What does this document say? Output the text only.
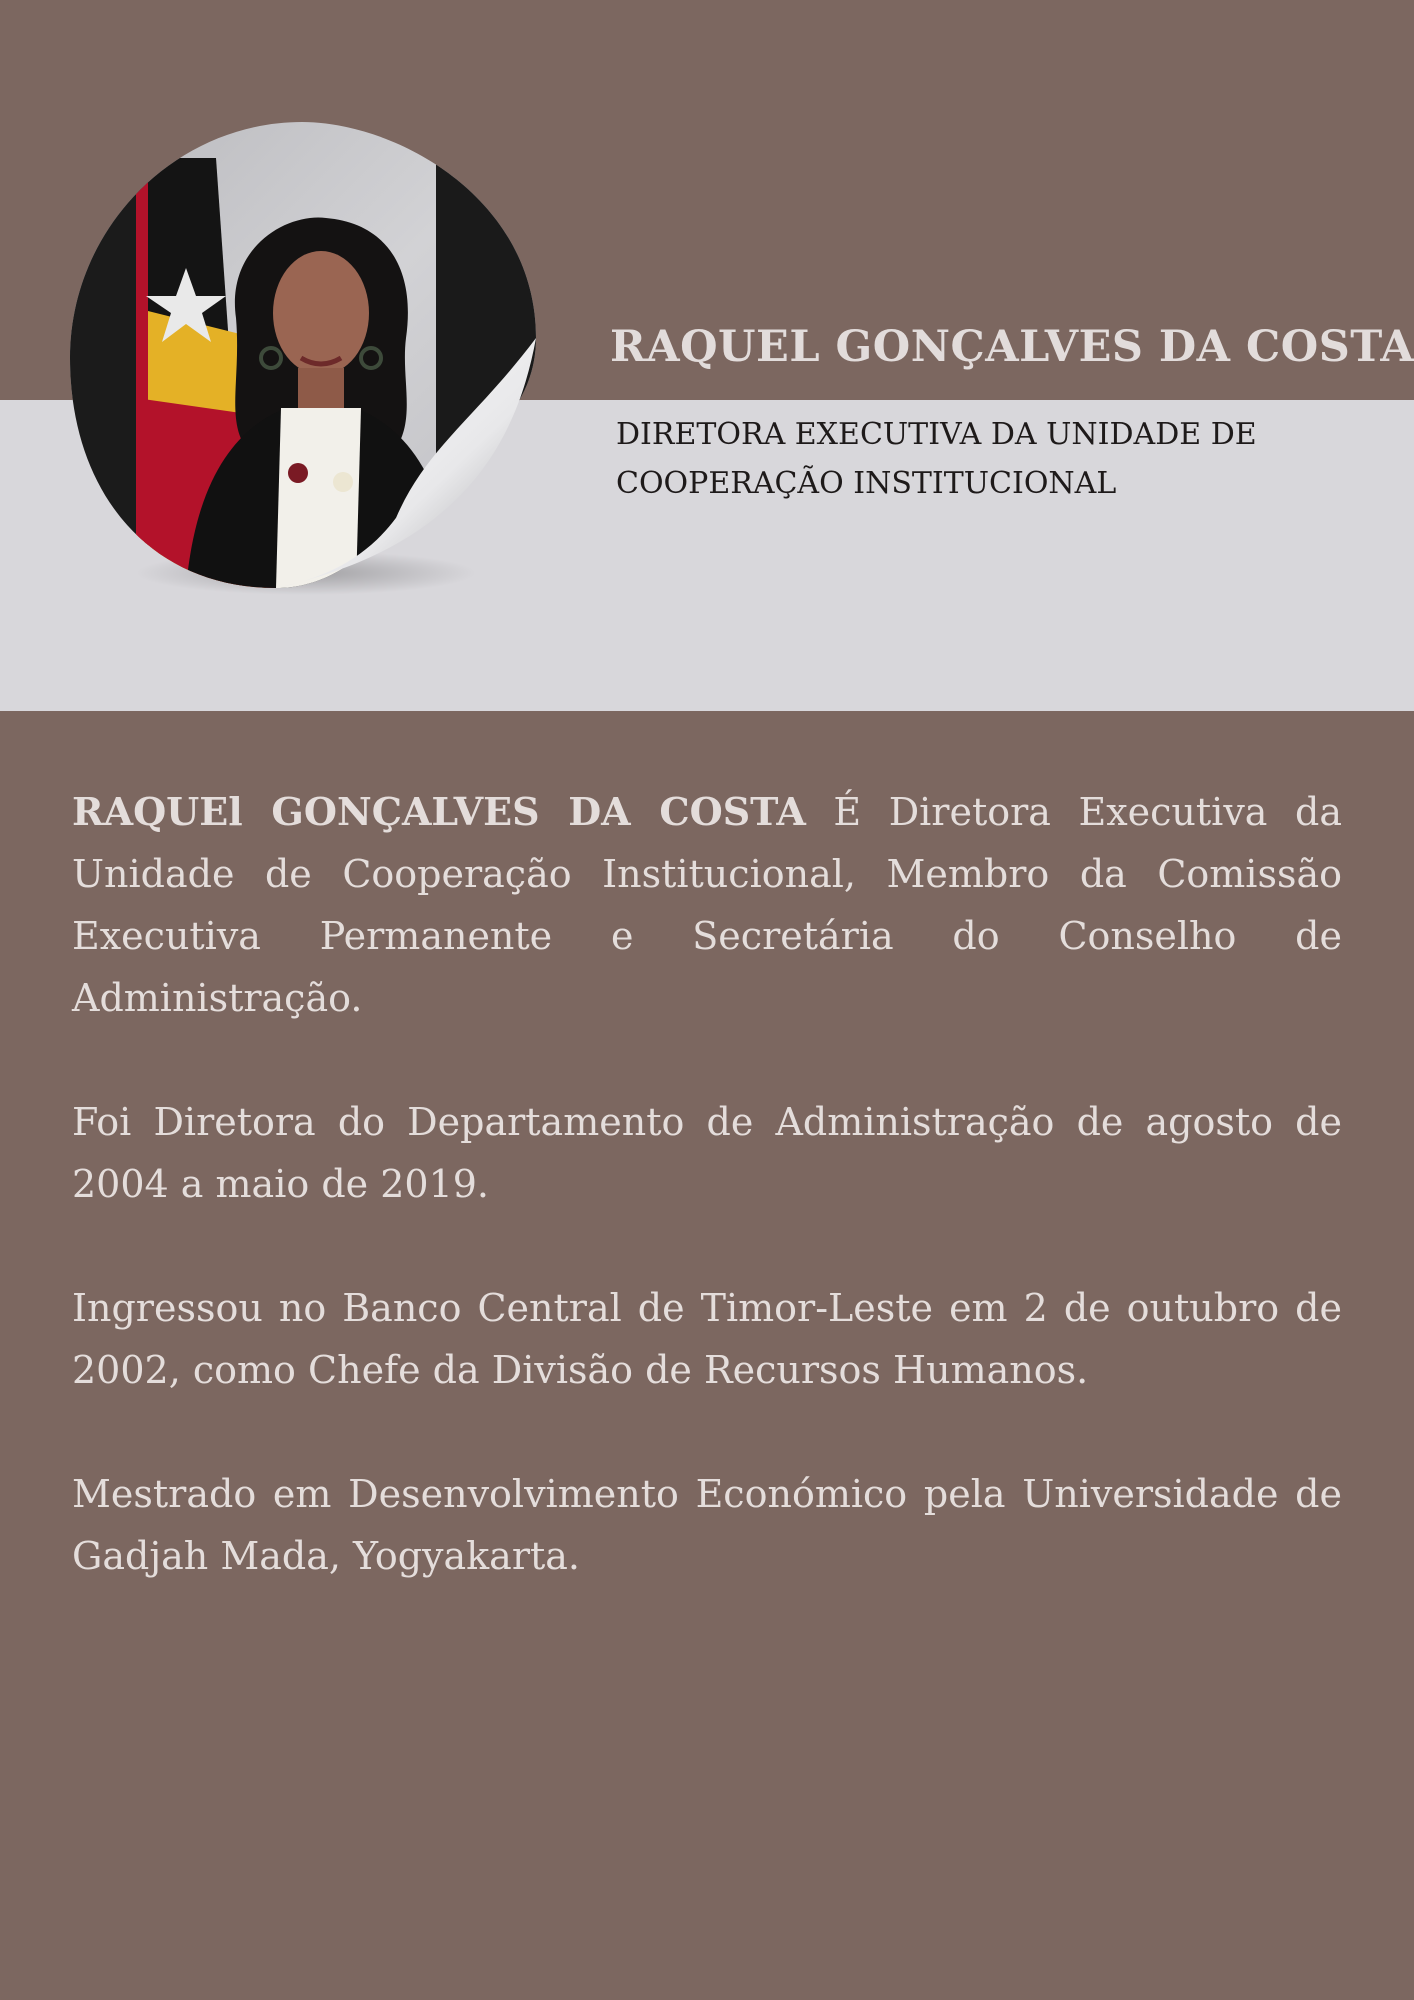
RAQUEL GONÇALVES DA COSTA
DIRETORA EXECUTIVA DA UNIDADE DE
COOPERAÇÃO INSTITUCIONAL

RAQUEl GONÇALVES DA COSTA É Diretora Executiva da Unidade de Cooperação Institucional, Membro da Comissão Executiva Permanente e Secretária do Conselho de Administração.

Foi Diretora do Departamento de Administração de agosto de 2004 a maio de 2019.

Ingressou no Banco Central de Timor-Leste em 2 de outubro de 2002, como Chefe da Divisão de Recursos Humanos.

Mestrado em Desenvolvimento Económico pela Universidade de Gadjah Mada, Yogyakarta.
